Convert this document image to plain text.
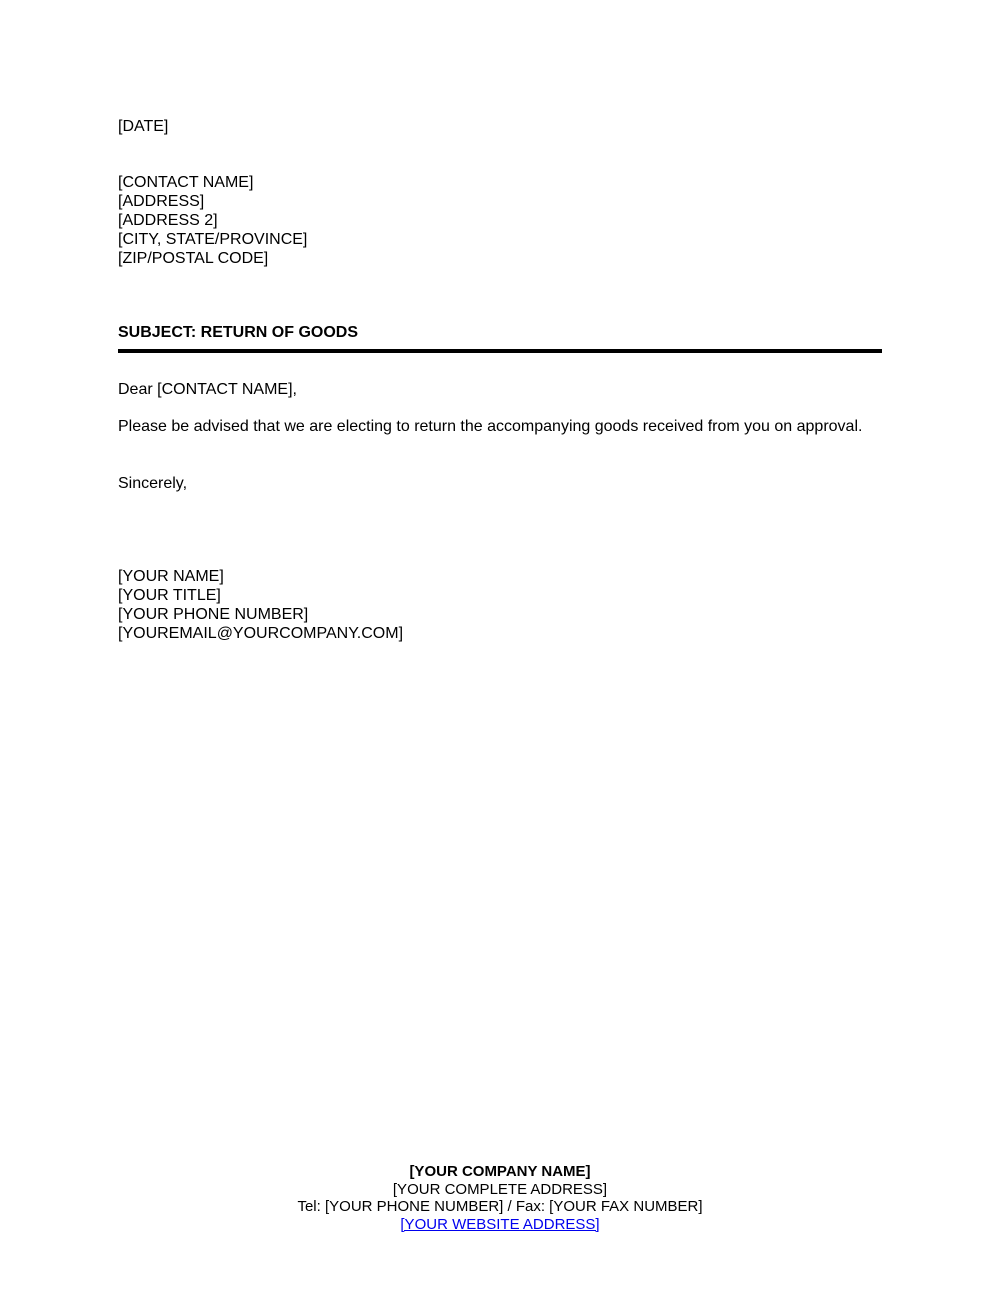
[DATE]
[CONTACT NAME]
[ADDRESS]
[ADDRESS 2]
[CITY, STATE/PROVINCE]
[ZIP/POSTAL CODE]
SUBJECT: RETURN OF GOODS
Dear [CONTACT NAME],
Please be advised that we are electing to return the accompanying goods received from you on approval.
Sincerely,
[YOUR NAME]
[YOUR TITLE]
[YOUR PHONE NUMBER]
[YOUREMAIL@YOURCOMPANY.COM]
[YOUR COMPANY NAME]
[YOUR COMPLETE ADDRESS]
Tel: [YOUR PHONE NUMBER] / Fax: [YOUR FAX NUMBER]
[YOUR WEBSITE ADDRESS]
